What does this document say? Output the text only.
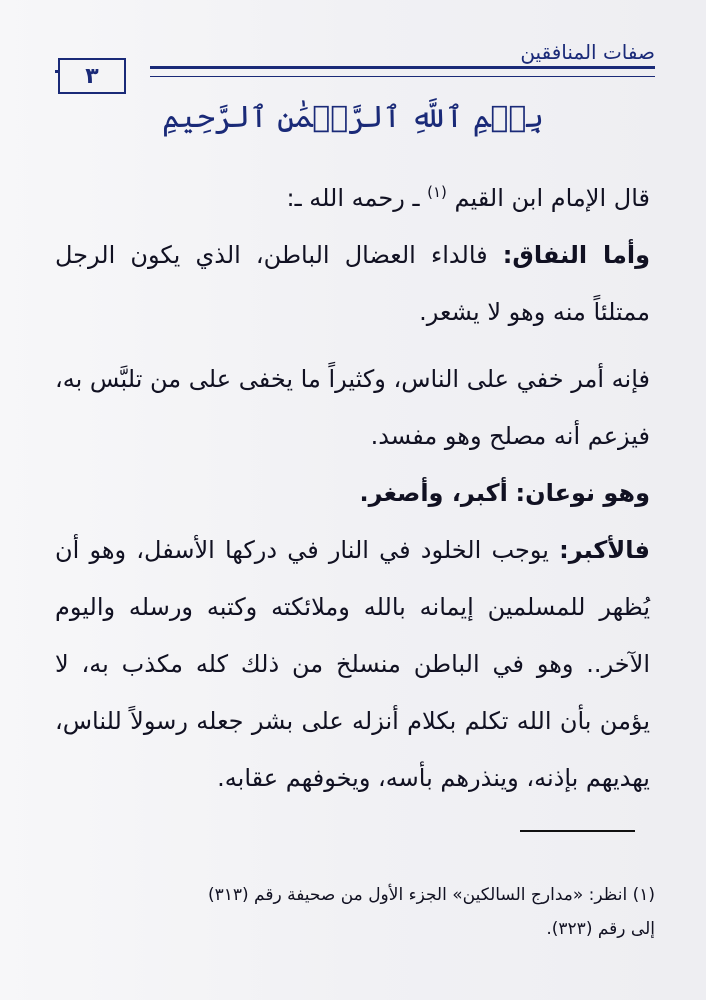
صفات المنافقين
٣
بِسۡمِ ٱللَّهِ ٱلرَّحۡمَٰنِ ٱلرَّحِيمِ

قال الإمام ابن القيم $^{(١)}$ ـ رحمه الله ـ:

وأما النفاق: فالداء العضال الباطن، الذي يكون الرجل ممتلئاً منه وهو لا يشعر.

فإنه أمر خفي على الناس، وكثيراً ما يخفى على من تلبَّس به، فيزعم أنه مصلح وهو مفسد.

وهو نوعان: أكبر، وأصغر.

فالأكبر: يوجب الخلود في النار في دركها الأسفل، وهو أن يُظهر للمسلمين إيمانه بالله وملائكته وكتبه ورسله واليوم الآخر.. وهو في الباطن منسلخ من ذلك كله مكذب به، لا يؤمن بأن الله تكلم بكلام أنزله على بشر جعله رسولاً للناس، يهديهم بإذنه، وينذرهم بأسه، ويخوفهم عقابه.

(١) انظر: «مدارج السالكين» الجزء الأول من صحيفة رقم (٣١٣)

إلى رقم (٣٢٣).
